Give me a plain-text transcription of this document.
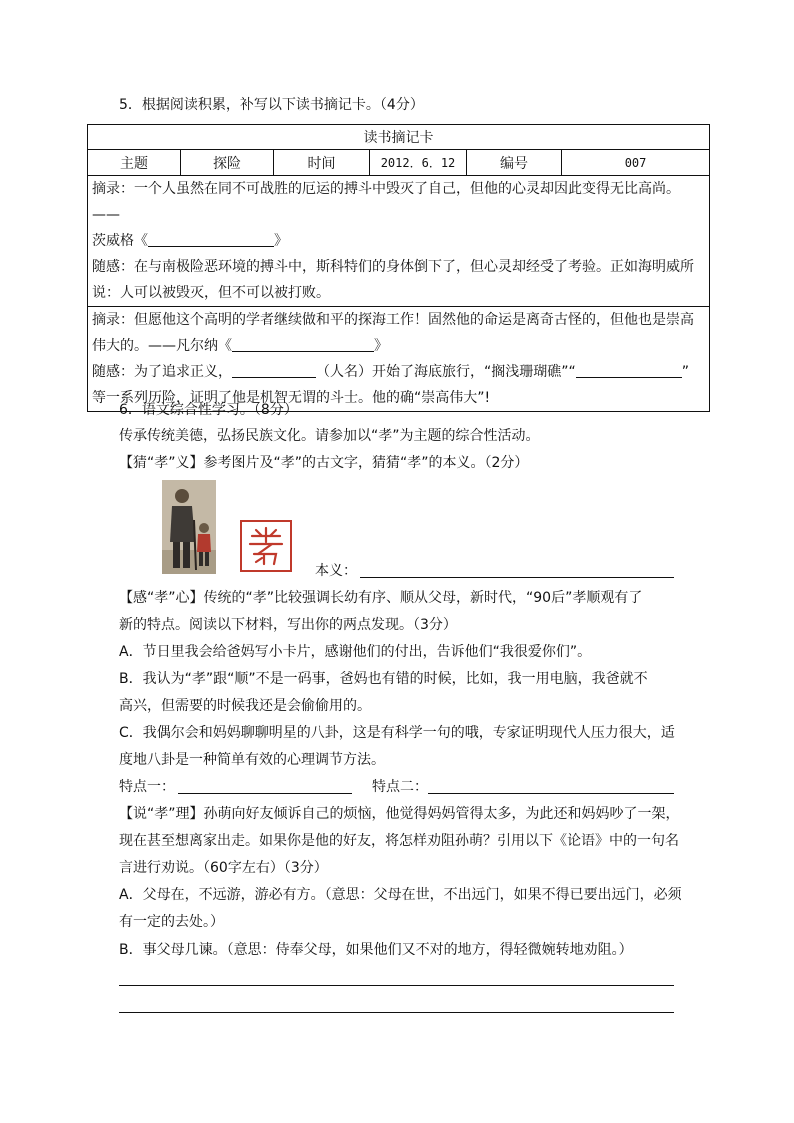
5．根据阅读积累，补写以下读书摘记卡。（4分）
读书摘记卡
主题	探险	时间	2012．6．12	编号	007

摘录：一个人虽然在同不可战胜的厄运的搏斗中毁灭了自己，但他的心灵却因此变得无比高尚。——

茨威格《	》

随感：在与南极险恶环境的搏斗中，斯科特们的身体倒下了，但心灵却经受了考验。正如海明威所

说：人可以被毁灭，但不可以被打败。

摘录：但愿他这个高明的学者继续做和平的探海工作！固然他的命运是离奇古怪的，但他也是崇高

伟大的。——凡尔纳《	》

随感：为了追求正义，	（人名）开始了海底旅行，“搁浅珊瑚礁”“	”

等一系列历险，证明了他是机智无谓的斗士。他的确“崇高伟大”!

6．语文综合性学习。（8分）
传承传统美德，弘扬民族文化。请参加以“孝”为主题的综合性活动。
【猜“孝”义】参考图片及“孝”的古文字，猜猜“孝”的本义。（2分）
本义：
【感“孝”心】传统的“孝”比较强调长幼有序、顺从父母，新时代，“90后”孝顺观有了
新的特点。阅读以下材料，写出你的两点发现。（3分）
A．节日里我会给爸妈写小卡片，感谢他们的付出，告诉他们“我很爱你们”。
B．我认为“孝”跟“顺”不是一码事，爸妈也有错的时候，比如，我一用电脑，我爸就不
高兴，但需要的时候我还是会偷偷用的。
C．我偶尔会和妈妈聊聊明星的八卦，这是有科学一句的哦，专家证明现代人压力很大，适
度地八卦是一种简单有效的心理调节方法。
特点一：	特点二：
【说“孝”理】孙萌向好友倾诉自己的烦恼，他觉得妈妈管得太多，为此还和妈妈吵了一架，
现在甚至想离家出走。如果你是他的好友，将怎样劝阻孙萌？引用以下《论语》中的一句名
言进行劝说。（60字左右）（3分）
A．父母在，不远游，游必有方。（意思：父母在世，不出远门，如果不得已要出远门，必须
有一定的去处。）
B．事父母几谏。（意思：侍奉父母，如果他们又不对的地方，得轻微婉转地劝阻。）
